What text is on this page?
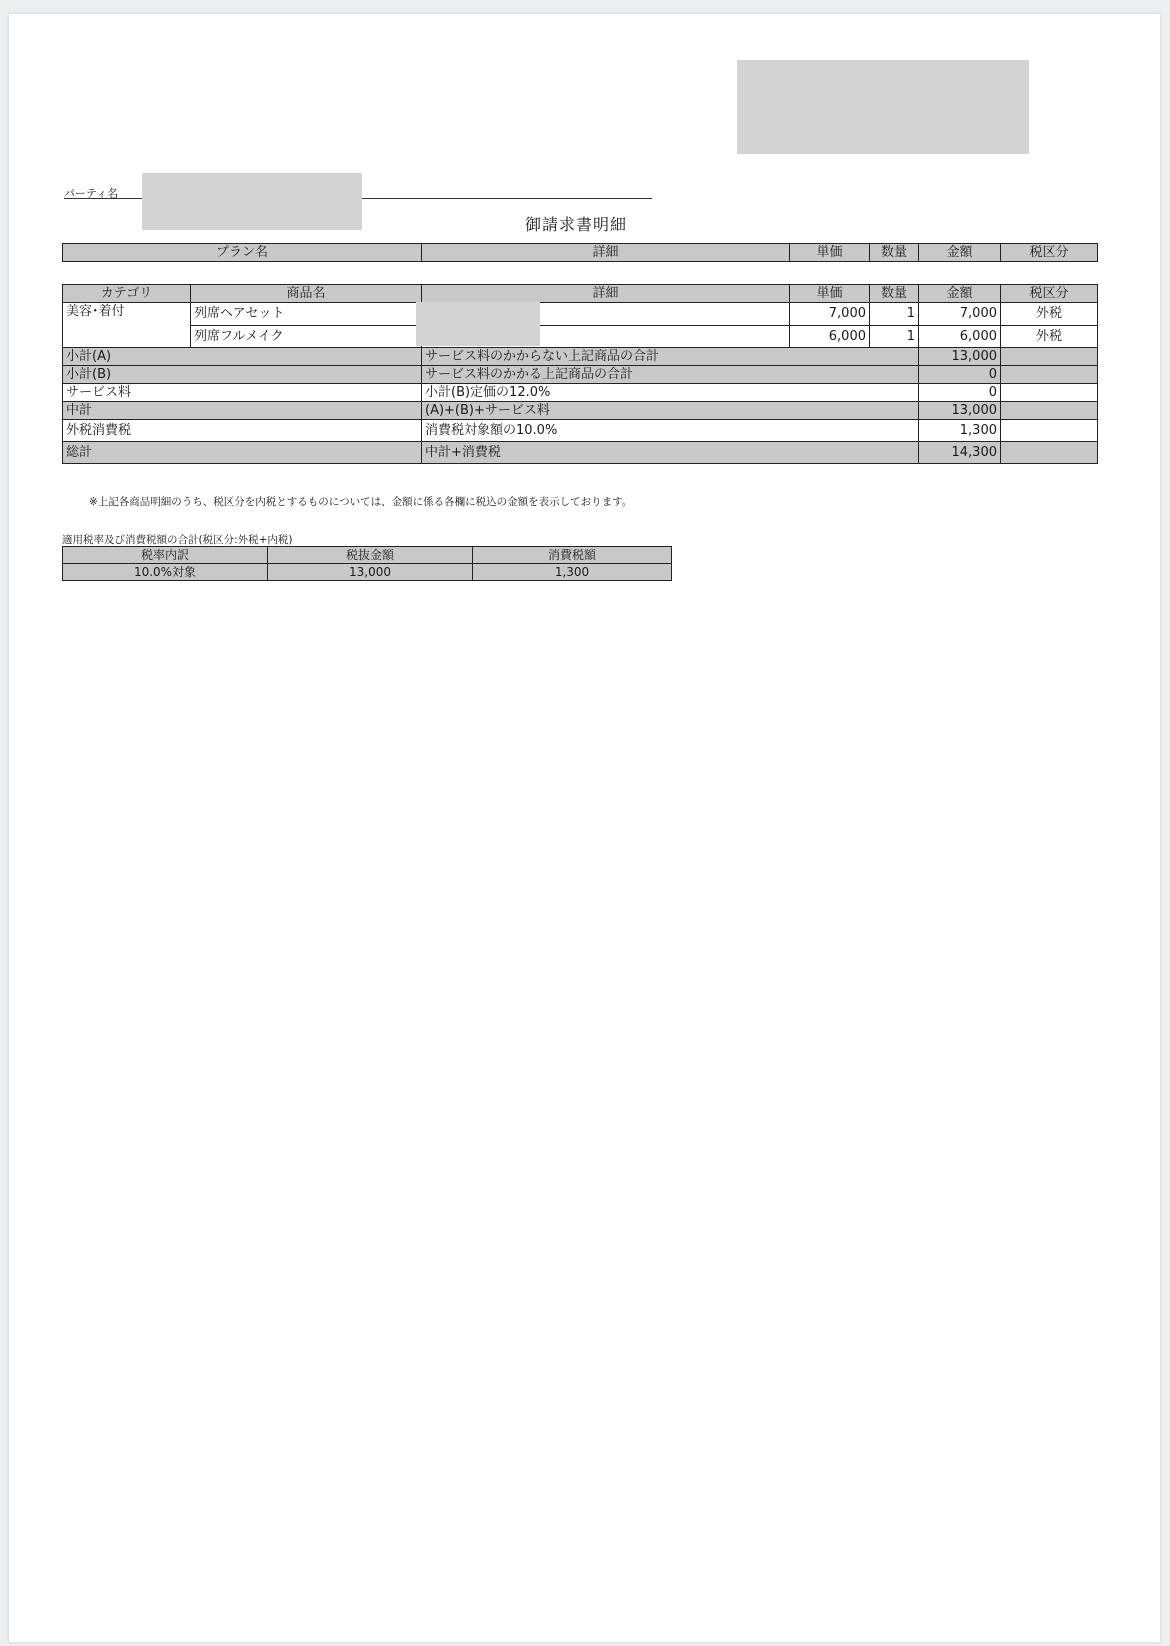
パーティ名
御請求書明細
プラン名	詳細	単価	数量	金額	税区分
カテゴリ	商品名	詳細	単価	数量	金額	税区分
美容･着付	列席ヘアセット		7,000	1	7,000	外税
	列席フルメイク		6,000	1	6,000	外税
小計(A)		サービス料のかからない上記商品の合計			13,000	
小計(B)		サービス料のかかる上記商品の合計			0	
サービス料		小計(B)定価の12.0%			0	
中計		(A)+(B)+サービス料			13,000	
外税消費税		消費税対象額の10.0%			1,300	
総計		中計+消費税			14,300	
※上記各商品明細のうち、税区分を内税とするものについては、金額に係る各欄に税込の金額を表示しております。
適用税率及び消費税額の合計(税区分:外税+内税)
税率内訳	税抜金額	消費税額
10.0%対象	13,000	1,300
